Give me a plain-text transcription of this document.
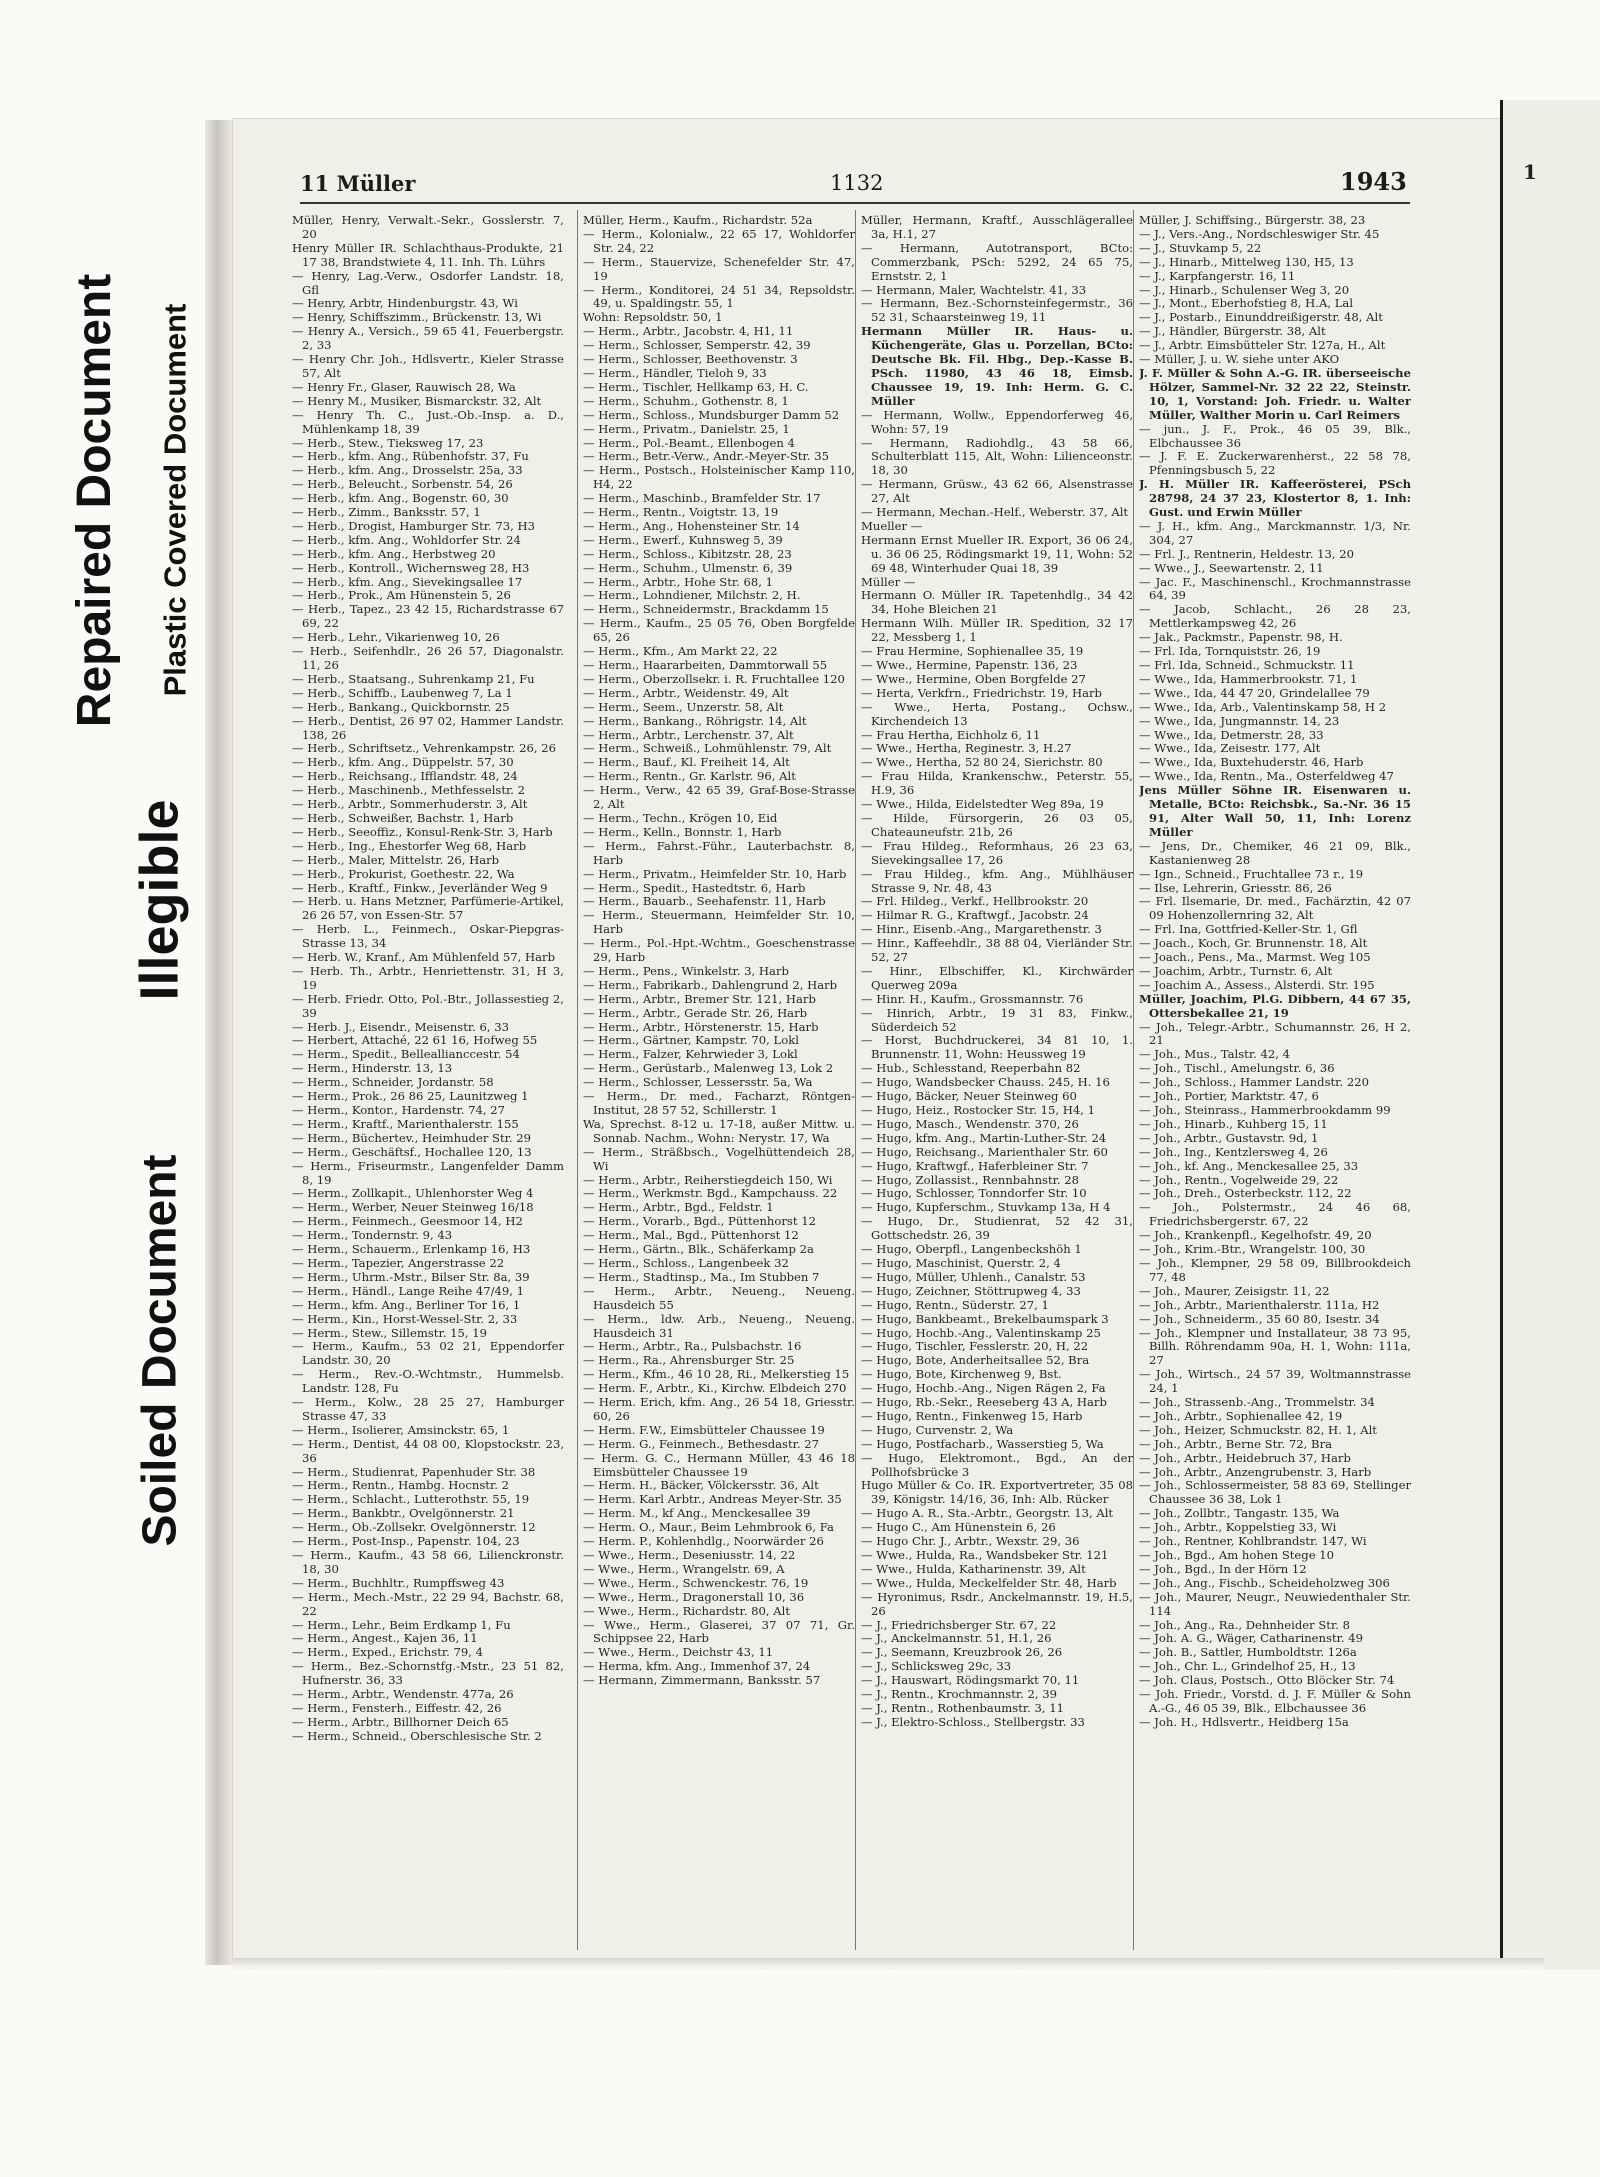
Repaired Document Plastic Covered Document
Illegible
Soiled Document
1
11 Müller	1132	1943

Müller, Henry, Verwalt.-Sekr., Gosslerstr. 7, 20

Henry Müller IR. Schlachthaus-Produkte, 21 17 38, Brandstwiete 4, 11. Inh. Th. Lührs

— Henry, Lag.-Verw., Osdorfer Landstr. 18, Gfl

— Henry, Arbtr, Hindenburgstr. 43, Wi

— Henry, Schiffszimm., Brückenstr. 13, Wi

— Henry A., Versich., 59 65 41, Feuerbergstr. 2, 33

— Henry Chr. Joh., Hdlsvertr., Kieler Strasse 57, Alt

— Henry Fr., Glaser, Rauwisch 28, Wa

— Henry M., Musiker, Bismarckstr. 32, Alt

— Henry Th. C., Just.-Ob.-Insp. a. D., Mühlenkamp 18, 39

— Herb., Stew., Tieksweg 17, 23

— Herb., kfm. Ang., Rübenhofstr. 37, Fu

— Herb., kfm. Ang., Drosselstr. 25a, 33

— Herb., Beleucht., Sorbenstr. 54, 26

— Herb., kfm. Ang., Bogenstr. 60, 30

— Herb., Zimm., Banksstr. 57, 1

— Herb., Drogist, Hamburger Str. 73, H3

— Herb., kfm. Ang., Wohldorfer Str. 24

— Herb., kfm. Ang., Herbstweg 20

— Herb., Kontroll., Wichernsweg 28, H3

— Herb., kfm. Ang., Sievekingsallee 17

— Herb., Prok., Am Hünenstein 5, 26

— Herb., Tapez., 23 42 15, Richardstrasse 67 69, 22

— Herb., Lehr., Vikarienweg 10, 26

— Herb., Seifenhdlr., 26 26 57, Diagonalstr. 11, 26

— Herb., Staatsang., Suhrenkamp 21, Fu

— Herb., Schiffb., Laubenweg 7, La 1

— Herb., Bankang., Quickbornstr. 25

— Herb., Dentist, 26 97 02, Hammer Landstr. 138, 26

— Herb., Schriftsetz., Vehrenkampstr. 26, 26

— Herb., kfm. Ang., Düppelstr. 57, 30

— Herb., Reichsang., Ifflandstr. 48, 24

— Herb., Maschinenb., Methfesselstr. 2

— Herb., Arbtr., Sommerhuderstr. 3, Alt

— Herb., Schweißer, Bachstr. 1, Harb

— Herb., Seeoffiz., Konsul-Renk-Str. 3, Harb

— Herb., Ing., Ehestorfer Weg 68, Harb

— Herb., Maler, Mittelstr. 26, Harb

— Herb., Prokurist, Goethestr. 22, Wa

— Herb., Kraftf., Finkw., Jeverländer Weg 9

— Herb. u. Hans Metzner, Parfümerie-Artikel, 26 26 57, von Essen-Str. 57

— Herb. L., Feinmech., Oskar-Piepgras-Strasse 13, 34

— Herb. W., Kranf., Am Mühlenfeld 57, Harb

— Herb. Th., Arbtr., Henriettenstr. 31, H 3, 19

— Herb. Friedr. Otto, Pol.-Btr., Jollassestieg 2, 39

— Herb. J., Eisendr., Meisenstr. 6, 33

— Herbert, Attaché, 22 61 16, Hofweg 55

— Herm., Spedit., Belleallianccestr. 54

— Herm., Hinderstr. 13, 13

— Herm., Schneider, Jordanstr. 58

— Herm., Prok., 26 86 25, Launitzweg 1

— Herm., Kontor., Hardenstr. 74, 27

— Herm., Kraftf., Marienthalerstr. 155

— Herm., Büchertev., Heimhuder Str. 29

— Herm., Geschäftsf., Hochallee 120, 13

— Herm., Friseurmstr., Langenfelder Damm 8, 19

— Herm., Zollkapit., Uhlenhorster Weg 4

— Herm., Werber, Neuer Steinweg 16/18

— Herm., Feinmech., Geesmoor 14, H2

— Herm., Tondernstr. 9, 43

— Herm., Schauerm., Erlenkamp 16, H3

— Herm., Tapezier, Angerstrasse 22

— Herm., Uhrm.-Mstr., Bilser Str. 8a, 39

— Herm., Händl., Lange Reihe 47/49, 1

— Herm., kfm. Ang., Berliner Tor 16, 1

— Herm., Kin., Horst-Wessel-Str. 2, 33

— Herm., Stew., Sillemstr. 15, 19

— Herm., Kaufm., 53 02 21, Eppendorfer Landstr. 30, 20

— Herm., Rev.-O.-Wchtmstr., Hummelsb. Landstr. 128, Fu

— Herm., Kolw., 28 25 27, Hamburger Strasse 47, 33

— Herm., Isolierer, Amsinckstr. 65, 1

— Herm., Dentist, 44 08 00, Klopstockstr. 23, 36

— Herm., Studienrat, Papenhuder Str. 38

— Herm., Rentn., Hambg. Hocnstr. 2

— Herm., Schlacht., Lutterothstr. 55, 19

— Herm., Bankbtr., Ovelgönnerstr. 21

— Herm., Ob.-Zollsekr. Ovelgönnerstr. 12

— Herm., Post-Insp., Papenstr. 104, 23

— Herm., Kaufm., 43 58 66, Lilienckronstr. 18, 30

— Herm., Buchhltr., Rumpffsweg 43

— Herm., Mech.-Mstr., 22 29 94, Bachstr. 68, 22

— Herm., Lehr., Beim Erdkamp 1, Fu

— Herm., Angest., Kajen 36, 11

— Herm., Exped., Erichstr. 79, 4

— Herm., Bez.-Schornstfg.-Mstr., 23 51 82, Hufnerstr. 36, 33

— Herm., Arbtr., Wendenstr. 477a, 26

— Herm., Fensterh., Eiffestr. 42, 26

— Herm., Arbtr., Billhorner Deich 65

— Herm., Schneid., Oberschlesische Str. 2

Müller, Herm., Kaufm., Richardstr. 52a

— Herm., Kolonialw., 22 65 17, Wohldorfer Str. 24, 22

— Herm., Stauervize, Schenefelder Str. 47, 19

— Herm., Konditorei, 24 51 34, Repsoldstr. 49, u. Spaldingstr. 55, 1

Wohn: Repsoldstr. 50, 1

— Herm., Arbtr., Jacobstr. 4, H1, 11

— Herm., Schlosser, Semperstr. 42, 39

— Herm., Schlosser, Beethovenstr. 3

— Herm., Händler, Tieloh 9, 33

— Herm., Tischler, Hellkamp 63, H. C.

— Herm., Schuhm., Gothenstr. 8, 1

— Herm., Schloss., Mundsburger Damm 52

— Herm., Privatm., Danielstr. 25, 1

— Herm., Pol.-Beamt., Ellenbogen 4

— Herm., Betr.-Verw., Andr.-Meyer-Str. 35

— Herm., Postsch., Holsteinischer Kamp 110, H4, 22

— Herm., Maschinb., Bramfelder Str. 17

— Herm., Rentn., Voigtstr. 13, 19

— Herm., Ang., Hohensteiner Str. 14

— Herm., Ewerf., Kuhnsweg 5, 39

— Herm., Schloss., Kibitzstr. 28, 23

— Herm., Schuhm., Ulmenstr. 6, 39

— Herm., Arbtr., Hohe Str. 68, 1

— Herm., Lohndiener, Milchstr. 2, H.

— Herm., Schneidermstr., Brackdamm 15

— Herm., Kaufm., 25 05 76, Oben Borgfelde 65, 26

— Herm., Kfm., Am Markt 22, 22

— Herm., Haararbeiten, Dammtorwall 55

— Herm., Oberzollsekr. i. R. Fruchtallee 120

— Herm., Arbtr., Weidenstr. 49, Alt

— Herm., Seem., Unzerstr. 58, Alt

— Herm., Bankang., Röhrigstr. 14, Alt

— Herm., Arbtr., Lerchenstr. 37, Alt

— Herm., Schweiß., Lohmühlenstr. 79, Alt

— Herm., Bauf., Kl. Freiheit 14, Alt

— Herm., Rentn., Gr. Karlstr. 96, Alt

— Herm., Verw., 42 65 39, Graf-Bose-Strasse 2, Alt

— Herm., Techn., Krögen 10, Eid

— Herm., Kelln., Bonnstr. 1, Harb

— Herm., Fahrst.-Führ., Lauterbachstr. 8, Harb

— Herm., Privatm., Heimfelder Str. 10, Harb

— Herm., Spedit., Hastedtstr. 6, Harb

— Herm., Bauarb., Seehafenstr. 11, Harb

— Herm., Steuermann, Heimfelder Str. 10, Harb

— Herm., Pol.-Hpt.-Wchtm., Goeschenstrasse 29, Harb

— Herm., Pens., Winkelstr. 3, Harb

— Herm., Fabrikarb., Dahlengrund 2, Harb

— Herm., Arbtr., Bremer Str. 121, Harb

— Herm., Arbtr., Gerade Str. 26, Harb

— Herm., Arbtr., Hörstenerstr. 15, Harb

— Herm., Gärtner, Kampstr. 70, Lokl

— Herm., Falzer, Kehrwieder 3, Lokl

— Herm., Gerüstarb., Malenweg 13, Lok 2

— Herm., Schlosser, Lessersstr. 5a, Wa

— Herm., Dr. med., Facharzt, Röntgen-Institut, 28 57 52, Schillerstr. 1

Wa, Sprechst. 8-12 u. 17-18, außer Mittw. u. Sonnab. Nachm., Wohn: Nerystr. 17, Wa

— Herm., Sträßbsch., Vogelhüttendeich 28, Wi

— Herm., Arbtr., Reiherstiegdeich 150, Wi

— Herm., Werkmstr. Bgd., Kampchauss. 22

— Herm., Arbtr., Bgd., Feldstr. 1

— Herm., Vorarb., Bgd., Püttenhorst 12

— Herm., Mal., Bgd., Püttenhorst 12

— Herm., Gärtn., Blk., Schäferkamp 2a

— Herm., Schloss., Langenbeek 32

— Herm., Stadtinsp., Ma., Im Stubben 7

— Herm., Arbtr., Neueng., Neueng. Hausdeich 55

— Herm., ldw. Arb., Neueng., Neueng. Hausdeich 31

— Herm., Arbtr., Ra., Pulsbachstr. 16

— Herm., Ra., Ahrensburger Str. 25

— Herm., Kfm., 46 10 28, Ri., Melkerstieg 15

— Herm. F., Arbtr., Ki., Kirchw. Elbdeich 270

— Herm. Erich, kfm. Ang., 26 54 18, Griesstr. 60, 26

— Herm. F.W., Eimsbütteler Chaussee 19

— Herm. G., Feinmech., Bethesdastr. 27

— Herm. G. C., Hermann Müller, 43 46 18 Eimsbütteler Chaussee 19

— Herm. H., Bäcker, Völckersstr. 36, Alt

— Herm. Karl Arbtr., Andreas Meyer-Str. 35

— Herm. M., kf Ang., Menckesallee 39

— Herm. O., Maur., Beim Lehmbrook 6, Fa

— Herm. P., Kohlenhdlg., Noorwärder 26

— Wwe., Herm., Deseniusstr. 14, 22

— Wwe., Herm., Wrangelstr. 69, A

— Wwe., Herm., Schwenckestr. 76, 19

— Wwe., Herm., Dragonerstall 10, 36

— Wwe., Herm., Richardstr. 80, Alt

— Wwe., Herm., Glaserei, 37 07 71, Gr. Schippsee 22, Harb

— Wwe., Herm., Deichstr 43, 11

— Herma, kfm. Ang., Immenhof 37, 24

— Hermann, Zimmermann, Banksstr. 57

Müller, Hermann, Kraftf., Ausschlägerallee 3a, H.1, 27

— Hermann, Autotransport, BCto: Commerzbank, PSch: 5292, 24 65 75, Ernststr. 2, 1

— Hermann, Maler, Wachtelstr. 41, 33

— Hermann, Bez.-Schornsteinfegermstr., 36 52 31, Schaarsteinweg 19, 11

Hermann Müller IR. Haus- u. Küchengeräte, Glas u. Porzellan, BCto: Deutsche Bk. Fil. Hbg., Dep.-Kasse B. PSch. 11980, 43 46 18, Eimsb. Chaussee 19, 19. Inh: Herm. G. C. Müller

— Hermann, Wollw., Eppendorferweg 46, Wohn: 57, 19

— Hermann, Radiohdlg., 43 58 66, Schulterblatt 115, Alt, Wohn: Lilienceonstr. 18, 30

— Hermann, Grüsw., 43 62 66, Alsenstrasse 27, Alt

— Hermann, Mechan.-Helf., Weberstr. 37, Alt

Mueller —

Hermann Ernst Mueller IR. Export, 36 06 24, u. 36 06 25, Rödingsmarkt 19, 11, Wohn: 52 69 48, Winterhuder Quai 18, 39

Müller —

Hermann O. Müller IR. Tapetenhdlg., 34 42 34, Hohe Bleichen 21

Hermann Wilh. Müller IR. Spedition, 32 17 22, Messberg 1, 1

— Frau Hermine, Sophienallee 35, 19

— Wwe., Hermine, Papenstr. 136, 23

— Wwe., Hermine, Oben Borgfelde 27

— Herta, Verkfrn., Friedrichstr. 19, Harb

— Wwe., Herta, Postang., Ochsw., Kirchendeich 13

— Frau Hertha, Eichholz 6, 11

— Wwe., Hertha, Reginestr. 3, H.27

— Wwe., Hertha, 52 80 24, Sierichstr. 80

— Frau Hilda, Krankenschw., Peterstr. 55, H.9, 36

— Wwe., Hilda, Eidelstedter Weg 89a, 19

— Hilde, Fürsorgerin, 26 03 05, Chateauneufstr. 21b, 26

— Frau Hildeg., Reformhaus, 26 23 63, Sievekingsallee 17, 26

— Frau Hildeg., kfm. Ang., Mühlhäuser Strasse 9, Nr. 48, 43

— Frl. Hildeg., Verkf., Hellbrookstr. 20

— Hilmar R. G., Kraftwgf., Jacobstr. 24

— Hinr., Eisenb.-Ang., Margarethenstr. 3

— Hinr., Kaffeehdlr., 38 88 04, Vierländer Str. 52, 27

— Hinr., Elbschiffer, Kl., Kirchwärder Querweg 209a

— Hinr. H., Kaufm., Grossmannstr. 76

— Hinrich, Arbtr., 19 31 83, Finkw., Süderdeich 52

— Horst, Buchdruckerei, 34 81 10, 1. Brunnenstr. 11, Wohn: Heussweg 19

— Hub., Schlesstand, Reeperbahn 82

— Hugo, Wandsbecker Chauss. 245, H. 16

— Hugo, Bäcker, Neuer Steinweg 60

— Hugo, Heiz., Rostocker Str. 15, H4, 1

— Hugo, Masch., Wendenstr. 370, 26

— Hugo, kfm. Ang., Martin-Luther-Str. 24

— Hugo, Reichsang., Marienthaler Str. 60

— Hugo, Kraftwgf., Haferbleiner Str. 7

— Hugo, Zollassist., Rennbahnstr. 28

— Hugo, Schlosser, Tonndorfer Str. 10

— Hugo, Kupferschm., Stuvkamp 13a, H 4

— Hugo, Dr., Studienrat, 52 42 31, Gottschedstr. 26, 39

— Hugo, Oberpfl., Langenbeckshöh 1

— Hugo, Maschinist, Querstr. 2, 4

— Hugo, Müller, Uhlenh., Canalstr. 53

— Hugo, Zeichner, Stöttrupweg 4, 33

— Hugo, Rentn., Süderstr. 27, 1

— Hugo, Bankbeamt., Brekelbaumspark 3

— Hugo, Hochb.-Ang., Valentinskamp 25

— Hugo, Tischler, Fesslerstr. 20, H, 22

— Hugo, Bote, Anderheitsallee 52, Bra

— Hugo, Bote, Kirchenweg 9, Bst.

— Hugo, Hochb.-Ang., Nigen Rägen 2, Fa

— Hugo, Rb.-Sekr., Reeseberg 43 A, Harb

— Hugo, Rentn., Finkenweg 15, Harb

— Hugo, Curvenstr. 2, Wa

— Hugo, Postfacharb., Wasserstieg 5, Wa

— Hugo, Elektromont., Bgd., An der Pollhofsbrücke 3

Hugo Müller & Co. IR. Exportvertreter, 35 08 39, Königstr. 14/16, 36, Inh: Alb. Rücker

— Hugo A. R., Sta.-Arbtr., Georgstr. 13, Alt

— Hugo C., Am Hünenstein 6, 26

— Hugo Chr. J., Arbtr., Wexstr. 29, 36

— Wwe., Hulda, Ra., Wandsbeker Str. 121

— Wwe., Hulda, Katharinenstr. 39, Alt

— Wwe., Hulda, Meckelfelder Str. 48, Harb

— Hyronimus, Rsdr., Anckelmannstr. 19, H.5, 26

— J., Friedrichsberger Str. 67, 22

— J., Anckelmannstr. 51, H.1, 26

— J., Seemann, Kreuzbrook 26, 26

— J., Schlicksweg 29c, 33

— J., Hauswart, Rödingsmarkt 70, 11

— J., Rentn., Krochmannstr. 2, 39

— J., Rentn., Rothenbaumstr. 3, 11

— J., Elektro-Schloss., Stellbergstr. 33

Müller, J. Schiffsing., Bürgerstr. 38, 23

— J., Vers.-Ang., Nordschleswiger Str. 45

— J., Stuvkamp 5, 22

— J., Hinarb., Mittelweg 130, H5, 13

— J., Karpfangerstr. 16, 11

— J., Hinarb., Schulenser Weg 3, 20

— J., Mont., Eberhofstieg 8, H.A, Lal

— J., Postarb., Einunddreißigerstr. 48, Alt

— J., Händler, Bürgerstr. 38, Alt

— J., Arbtr. Eimsbütteler Str. 127a, H., Alt

— Müller, J. u. W. siehe unter AKO

J. F. Müller & Sohn A.-G. IR. überseeische Hölzer, Sammel-Nr. 32 22 22, Steinstr. 10, 1, Vorstand: Joh. Friedr. u. Walter Müller, Walther Morin u. Carl Reimers

— jun., J. F., Prok., 46 05 39, Blk., Elbchaussee 36

— J. F. E. Zuckerwarenherst., 22 58 78, Pfenningsbusch 5, 22

J. H. Müller IR. Kaffeerösterei, PSch 28798, 24 37 23, Klostertor 8, 1. Inh: Gust. und Erwin Müller

— J. H., kfm. Ang., Marckmannstr. 1/3, Nr. 304, 27

— Frl. J., Rentnerin, Heldestr. 13, 20

— Wwe., J., Seewartenstr. 2, 11

— Jac. F., Maschinenschl., Krochmannstrasse 64, 39

— Jacob, Schlacht., 26 28 23, Mettlerkampsweg 42, 26

— Jak., Packmstr., Papenstr. 98, H.

— Frl. Ida, Tornquiststr. 26, 19

— Frl. Ida, Schneid., Schmuckstr. 11

— Wwe., Ida, Hammerbrookstr. 71, 1

— Wwe., Ida, 44 47 20, Grindelallee 79

— Wwe., Ida, Arb., Valentinskamp 58, H 2

— Wwe., Ida, Jungmannstr. 14, 23

— Wwe., Ida, Detmerstr. 28, 33

— Wwe., Ida, Zeisestr. 177, Alt

— Wwe., Ida, Buxtehuderstr. 46, Harb

— Wwe., Ida, Rentn., Ma., Osterfeldweg 47

Jens Müller Söhne IR. Eisenwaren u. Metalle, BCto: Reichsbk., Sa.-Nr. 36 15 91, Alter Wall 50, 11, Inh: Lorenz Müller

— Jens, Dr., Chemiker, 46 21 09, Blk., Kastanienweg 28

— Ign., Schneid., Fruchtallee 73 r., 19

— Ilse, Lehrerin, Griesstr. 86, 26

— Frl. Ilsemarie, Dr. med., Fachärztin, 42 07 09 Hohenzollernring 32, Alt

— Frl. Ina, Gottfried-Keller-Str. 1, Gfl

— Joach., Koch, Gr. Brunnenstr. 18, Alt

— Joach., Pens., Ma., Marmst. Weg 105

— Joachim, Arbtr., Turnstr. 6, Alt

— Joachim A., Assess., Alsterdi. Str. 195

Müller, Joachim, Pl.G. Dibbern, 44 67 35, Ottersbekallee 21, 19

— Joh., Telegr.-Arbtr., Schumannstr. 26, H 2, 21

— Joh., Mus., Talstr. 42, 4

— Joh., Tischl., Amelungstr. 6, 36

— Joh., Schloss., Hammer Landstr. 220

— Joh., Portier, Marktstr. 47, 6

— Joh., Steinrass., Hammerbrookdamm 99

— Joh., Hinarb., Kuhberg 15, 11

— Joh., Arbtr., Gustavstr. 9d, 1

— Joh., Ing., Kentzlersweg 4, 26

— Joh., kf. Ang., Menckesallee 25, 33

— Joh., Rentn., Vogelweide 29, 22

— Joh., Dreh., Osterbeckstr. 112, 22

— Joh., Polstermstr., 24 46 68, Friedrichsbergerstr. 67, 22

— Joh., Krankenpfl., Kegelhofstr. 49, 20

— Joh., Krim.-Btr., Wrangelstr. 100, 30

— Joh., Klempner, 29 58 09, Billbrookdeich 77, 48

— Joh., Maurer, Zeisigstr. 11, 22

— Joh., Arbtr., Marienthalerstr. 111a, H2

— Joh., Schneiderm., 35 60 80, Isestr. 34

— Joh., Klempner und Installateur, 38 73 95, Billh. Röhrendamm 90a, H. 1, Wohn: 111a, 27

— Joh., Wirtsch., 24 57 39, Woltmannstrasse 24, 1

— Joh., Strassenb.-Ang., Trommelstr. 34

— Joh., Arbtr., Sophienallee 42, 19

— Joh., Heizer, Schmuckstr. 82, H. 1, Alt

— Joh., Arbtr., Berne Str. 72, Bra

— Joh., Arbtr., Heidebruch 37, Harb

— Joh., Arbtr., Anzengrubenstr. 3, Harb

— Joh., Schlossermeister, 58 83 69, Stellinger Chaussee 36 38, Lok 1

— Joh., Zollbtr., Tangastr. 135, Wa

— Joh., Arbtr., Koppelstieg 33, Wi

— Joh., Rentner, Kohlbrandstr. 147, Wi

— Joh., Bgd., Am hohen Stege 10

— Joh., Bgd., In der Hörn 12

— Joh., Ang., Fischb., Scheideholzweg 306

— Joh., Maurer, Neugr., Neuwiedenthaler Str. 114

— Joh., Ang., Ra., Dehnheider Str. 8

— Joh. A. G., Wäger, Catharinenstr. 49

— Joh. B., Sattler, Humboldtstr. 126a

— Joh., Chr. L., Grindelhof 25, H., 13

— Joh. Claus, Postsch., Otto Blöcker Str. 74

— Joh. Friedr., Vorstd. d. J. F. Müller & Sohn A.-G., 46 05 39, Blk., Elbchaussee 36

— Joh. H., Hdlsvertr., Heidberg 15a
